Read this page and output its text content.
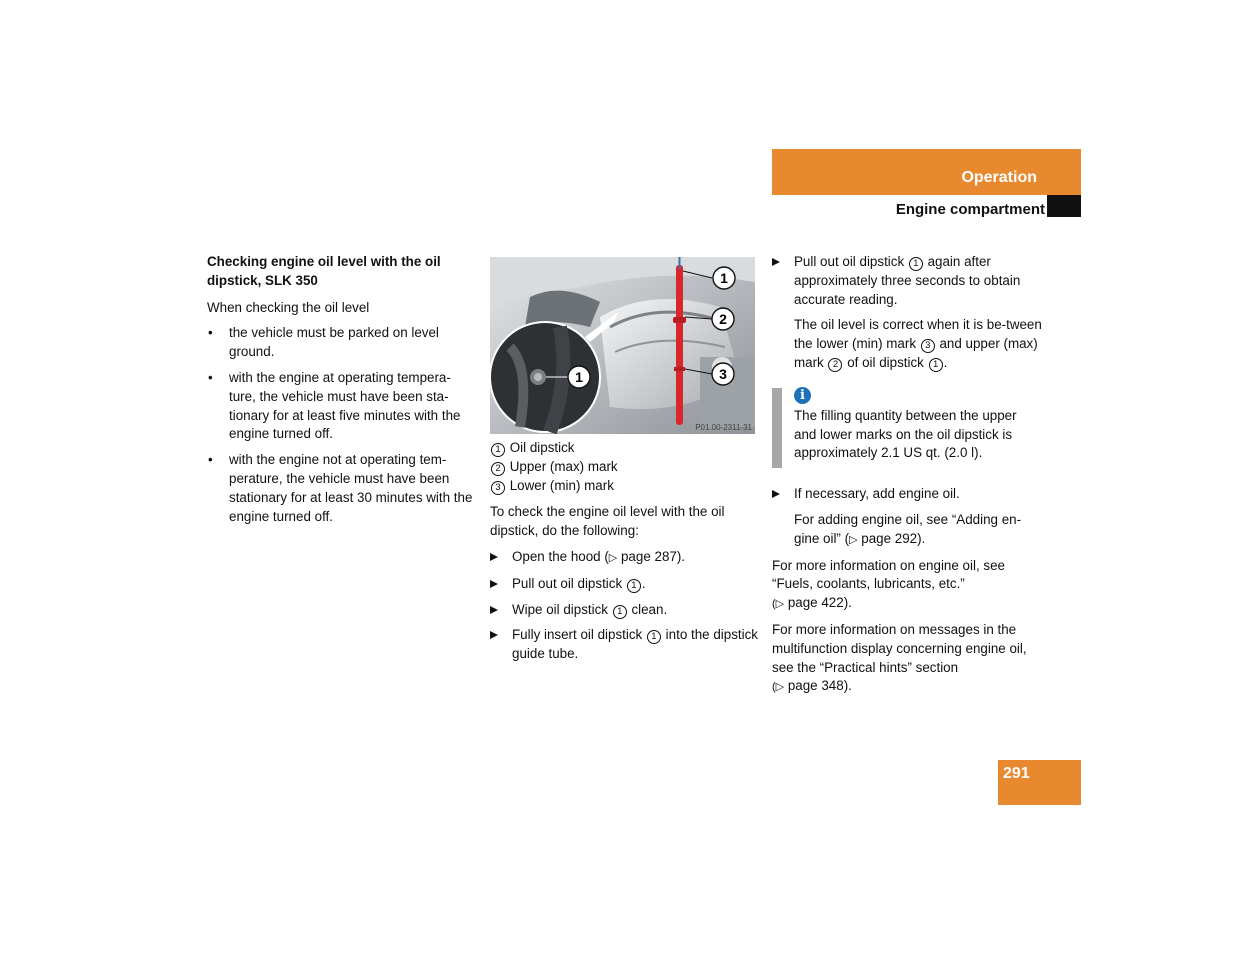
Operation
Engine compartment

Checking engine oil level with the oil dipstick, SLK 350

When checking the oil level

• the vehicle must be parked on level ground.

• with the engine at operating tempera-ture, the vehicle must have been sta-tionary for at least five minutes with the engine turned off.

• with the engine not at operating tem-perature, the vehicle must have been stationary for at least 30 minutes with the engine turned off.

1
2
3
1
P01.00-2311-31

1 Oil dipstick

2 Upper (max) mark

3 Lower (min) mark

To check the engine oil level with the oil dipstick, do the following:

Open the hood (▷ page 287).

Pull out oil dipstick 1 .

Wipe oil dipstick 1 clean.

Fully insert oil dipstick 1 into the dipstick guide tube.

Pull out oil dipstick 1 again after approximately three seconds to obtain accurate reading.

The oil level is correct when it is be-tween the lower (min) mark 3 and upper (max) mark 2 of oil dipstick 1 .

i

The filling quantity between the upper and lower marks on the oil dipstick is approximately 2.1 US qt. (2.0 l).

If necessary, add engine oil.

For adding engine oil, see “Adding en-gine oil” (▷ page 292).

For more information on engine oil, see “Fuels, coolants, lubricants, etc.”
(▷ page 422).

For more information on messages in the multifunction display concerning engine oil, see the “Practical hints” section
(▷ page 348).

291
